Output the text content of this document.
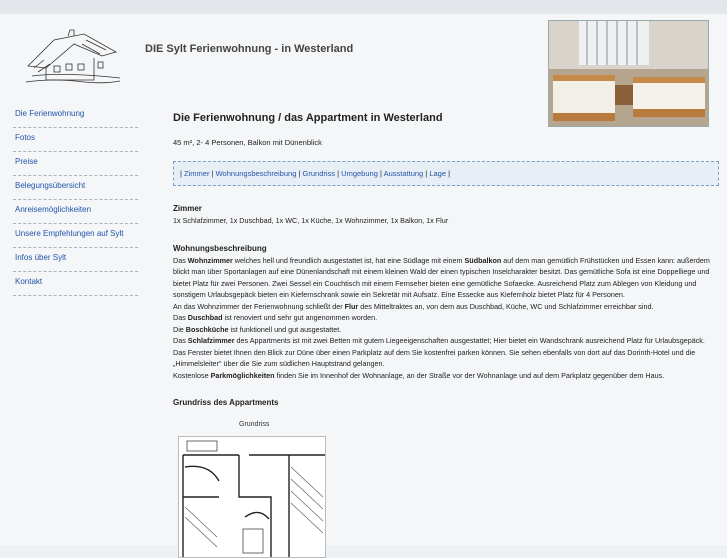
DIE Sylt Ferienwohnung - in Westerland
Die Ferienwohnung
Fotos
Preise
Belegungsübersicht
Anreisemöglichkeiten
Unsere Empfehlungen auf Sylt
Infos über Sylt
Kontakt
Die Ferienwohnung / das Appartment in Westerland
45 m², 2- 4 Personen, Balkon mit Dünenblick
| Zimmer | Wohnungsbeschreibung | Grundriss | Umgebung | Ausstattung | Lage |
Zimmer

1x Schlafzimmer, 1x Duschbad, 1x WC, 1x Küche, 1x Wohnzimmer, 1x Balkon, 1x Flur

Wohnungsbeschreibung

Das Wohnzimmer welches hell und freundlich ausgestattet ist, hat eine Südlage mit einem Südbalkon auf dem man gemütlich Frühstücken und Essen kann: außerdem blickt man über Sportanlagen auf eine Dünenlandschaft mit einem kleinen Wald der einen typischen Inselcharakter besitzt. Das gemütliche Sofa ist eine Doppelliege und bietet Platz für zwei Personen. Zwei Sessel ein Couchtisch mit einem Fernseher bieten eine gemütliche Sofaecke. Ausreichend Platz zum Ablegen von Kleidung und sonstigem Urlaubsgepäck bieten ein Kiefernschrank sowie ein Sekretär mit Aufsatz. Eine Essecke aus Kiefernholz bietet Platz für 4 Personen.
An das Wohnzimmer der Ferienwohnung schließt der Flur des Mitteltraktes an, von dem aus Duschbad, Küche, WC und Schlafzimmer erreichbar sind.
Das Duschbad ist renoviert und sehr gut angenommen worden.
Die Boschküche ist funktionell und gut ausgestattet.
Das Schlafzimmer des Appartments ist mit zwei Betten mit gutem Liegeeigenschaften ausgestattet; Hier bietet ein Wandschrank ausreichend Platz für Urlaubsgepäck. Das Fenster bietet Ihnen den Blick zur Düne über einen Parkplatz auf dem Sie kostenfrei parken können. Sie sehen ebenfalls von dort auf das Dorinth-Hotel und die „Himmelsleiter" über die Sie zum südlichen Hauptstrand gelangen.
Kostenlose Parkmöglichkeiten finden Sie im Innenhof der Wohnanlage, an der Straße vor der Wohnanlage und auf dem Parkplatz gegenüber dem Haus.

Grundriss des Appartments
Grundriss
